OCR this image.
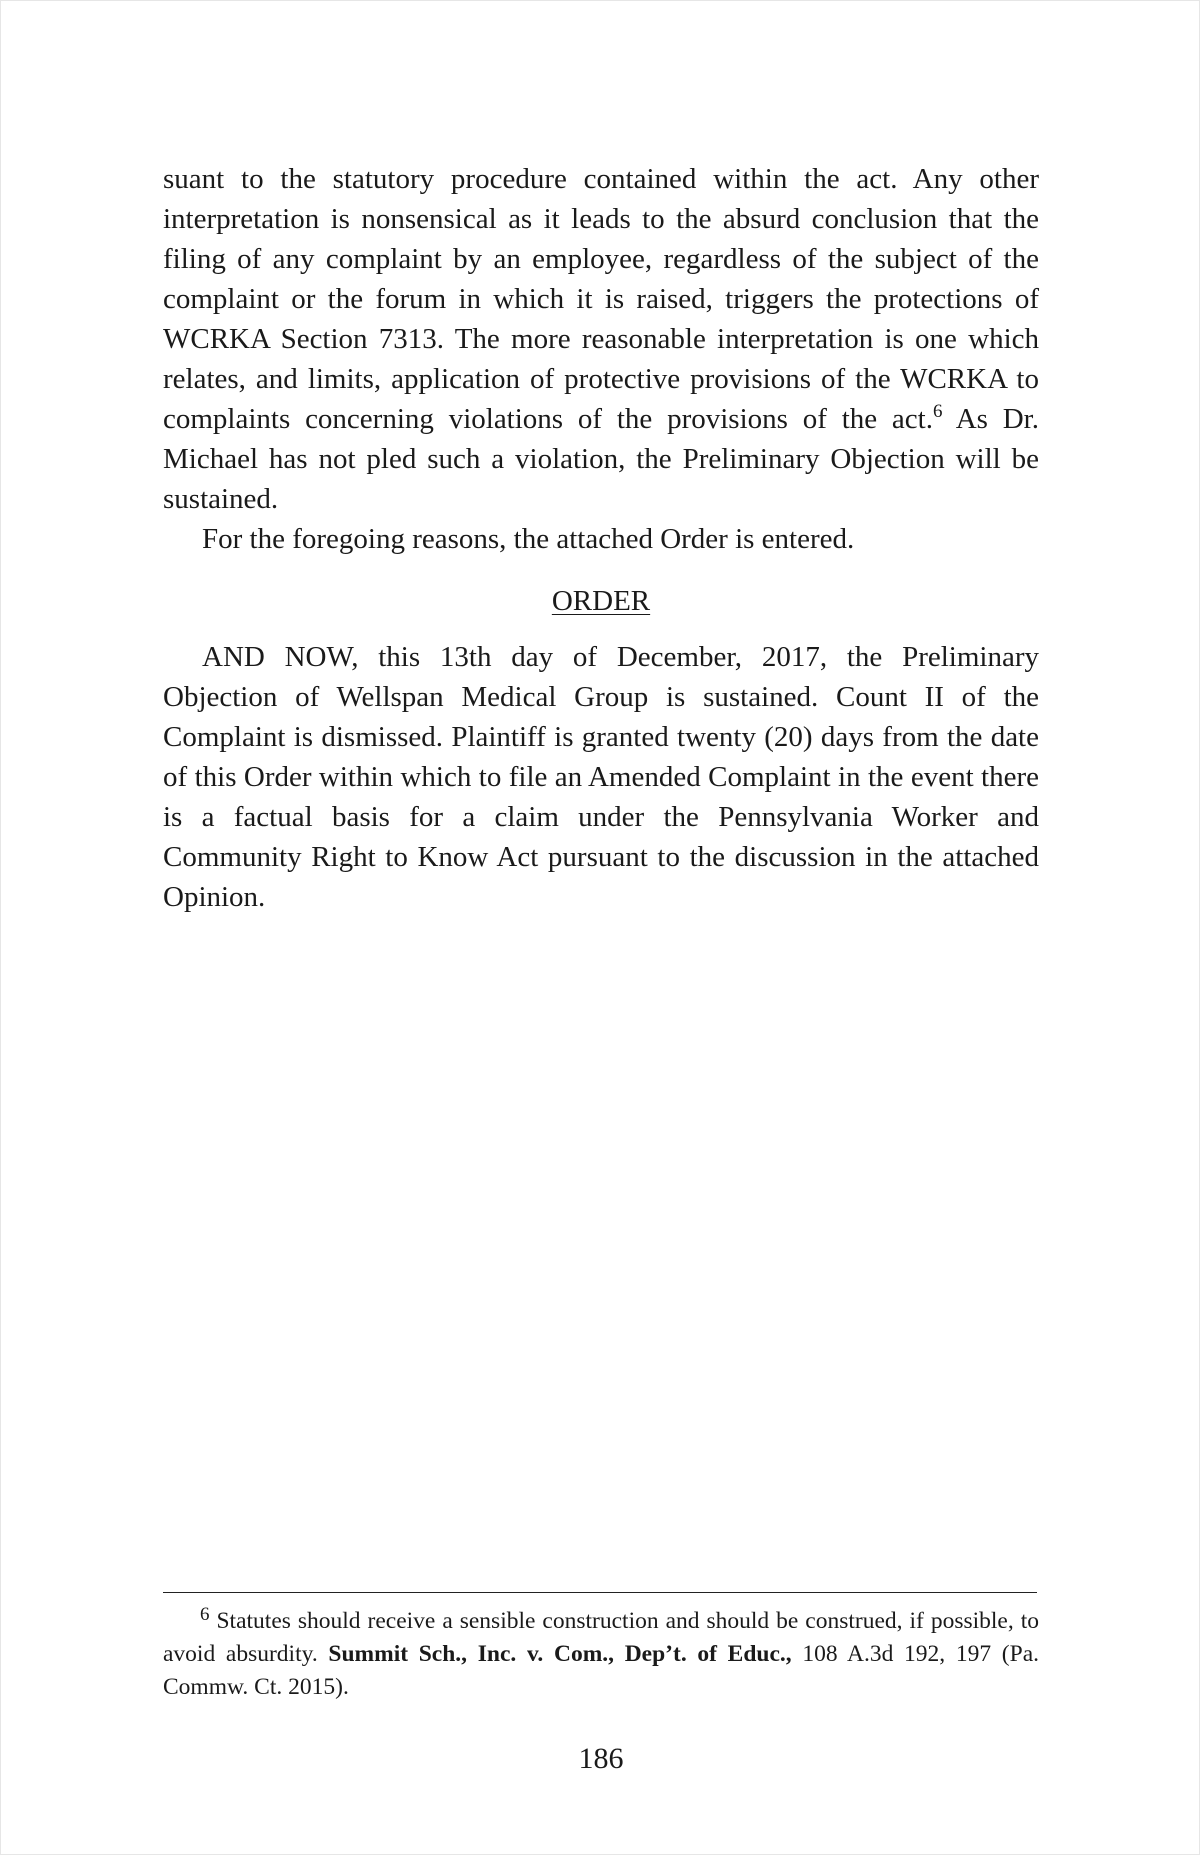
suant to the statutory procedure contained within the act. Any other interpretation is nonsensical as it leads to the absurd conclusion that the filing of any complaint by an employee, regardless of the subject of the complaint or the forum in which it is raised, triggers the protections of WCRKA Section 7313. The more reasonable interpretation is one which relates, and limits, application of protective provisions of the WCRKA to complaints concerning violations of the provisions of the act.$^6$ As Dr. Michael has not pled such a violation, the Preliminary Objection will be sustained.

For the foregoing reasons, the attached Order is entered.

ORDER

AND NOW, this 13th day of December, 2017, the Preliminary Objection of Wellspan Medical Group is sustained. Count II of the Complaint is dismissed. Plaintiff is granted twenty (20) days from the date of this Order within which to file an Amended Complaint in the event there is a factual basis for a claim under the Pennsylvania Worker and Community Right to Know Act pursuant to the discussion in the attached Opinion.

$^6$ Statutes should receive a sensible construction and should be construed, if possible, to avoid absurdity. Summit Sch., Inc. v. Com., Dep’t. of Educ., 108 A.3d 192, 197 (Pa. Commw. Ct. 2015).

186
